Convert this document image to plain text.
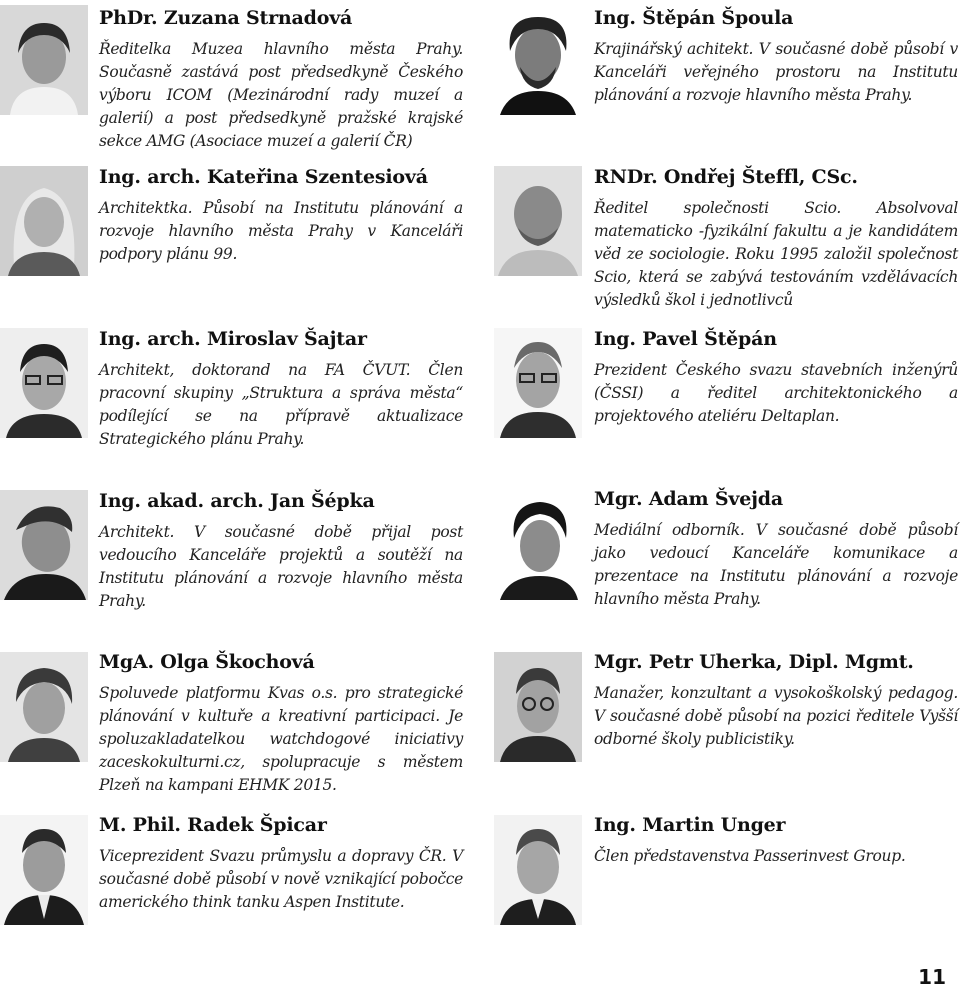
PhDr. Zuzana Strnadová

Ředitelka Muzea hlavního města Prahy. Současně zastává post předsedkyně Českého výboru ICOM (Mezinárodní rady muzeí a galerií) a post předsedkyně pražské krajské sekce AMG (Asociace muzeí a galerií ČR)

Ing. arch. Kateřina Szentesiová

Architektka. Působí na Institutu plánování a rozvoje hlavního města Prahy v Kanceláři podpory plánu 99.

Ing. arch. Miroslav Šajtar

Architekt, doktorand na FA ČVUT. Člen pracovní skupiny „Struktura a správa města“ podílející se na přípravě aktualizace Strategického plánu Prahy.

Ing. akad. arch. Jan Šépka

Architekt. V současné době přijal post vedoucího Kanceláře projektů a soutěží na Institutu plánování a rozvoje hlavního města Prahy.

MgA. Olga Škochová

Spoluvede platformu Kvas o.s. pro strategické plánování v kultuře a kreativní participaci. Je spoluzakladatelkou watchdogové iniciativy zaceskokulturni.cz, spolupracuje s městem Plzeň na kampani EHMK 2015.

M. Phil. Radek Špicar

Viceprezident Svazu průmyslu a dopravy ČR. V současné době působí v nově vznikající pobočce amerického think tanku Aspen Institute.

Ing. Štěpán Špoula

Krajinářský achitekt. V současné době působí v Kanceláři veřejného prostoru na Institutu plánování a rozvoje hlavního města Prahy.

RNDr. Ondřej Šteffl, CSc.

Ředitel společnosti Scio. Absolvoval matematicko -fyzikální fakultu a je kandidátem věd ze sociologie. Roku 1995 založil společnost Scio, která se zabývá testováním vzdělávacích výsledků škol i jednotlivců

Ing. Pavel Štěpán

Prezident Českého svazu stavebních inženýrů (ČSSI) a ředitel architektonického a projektového ateliéru Deltaplan.

Mgr. Adam Švejda

Mediální odborník. V současné době působí jako vedoucí Kanceláře komunikace a prezentace na Institutu plánování a rozvoje hlavního města Prahy.

Mgr. Petr Uherka, Dipl. Mgmt.

Manažer, konzultant a vysokoškolský pedagog. V současné době působí na pozici ředitele Vyšší odborné školy publicistiky.

Ing. Martin Unger

Člen představenstva Passerinvest Group.

11
